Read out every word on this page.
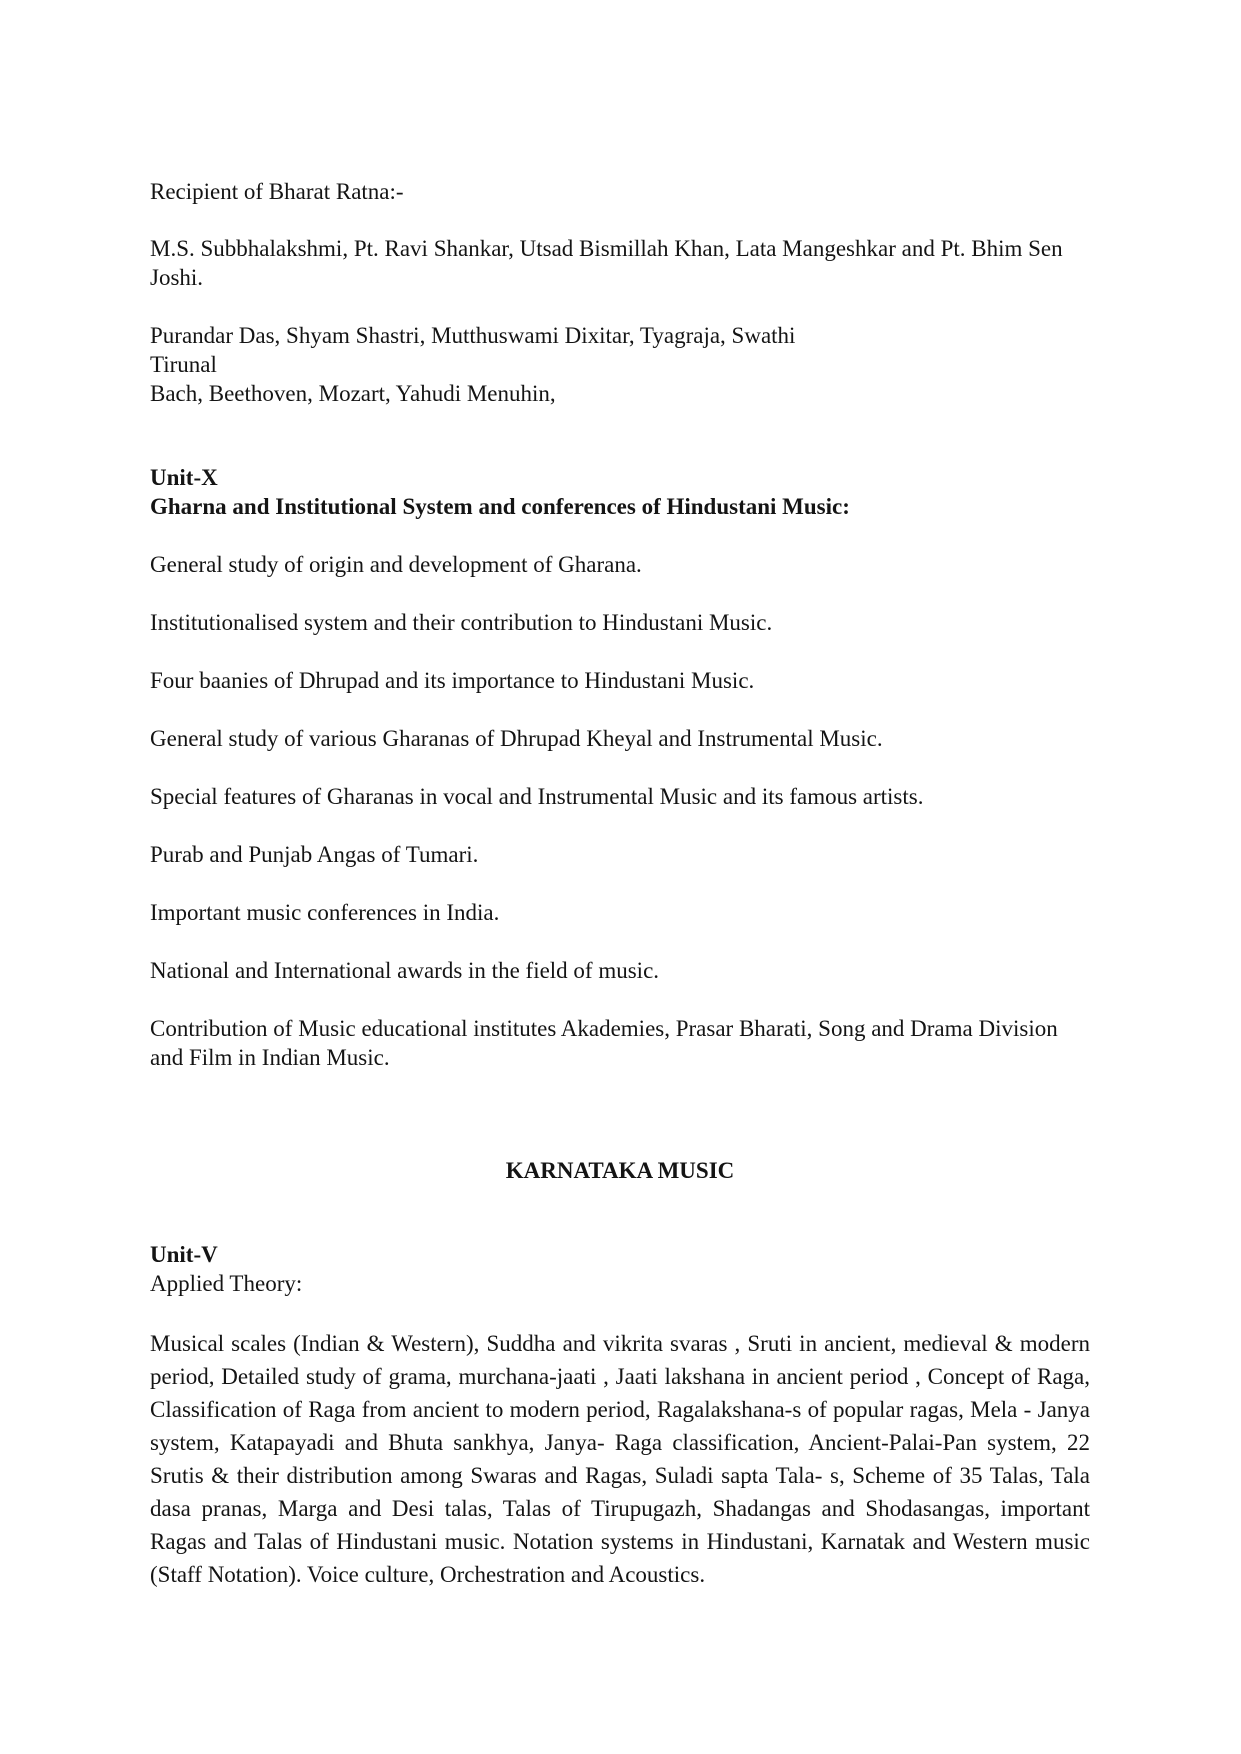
Recipient of Bharat Ratna:-

M.S. Subbhalakshmi, Pt. Ravi Shankar, Utsad Bismillah Khan, Lata Mangeshkar and Pt. Bhim Sen Joshi.

Purandar Das, Shyam Shastri, Mutthuswami Dixitar, Tyagraja, Swathi
Tirunal
Bach, Beethoven, Mozart, Yahudi Menuhin,

Unit-X

Gharna and Institutional System and conferences of Hindustani Music:

General study of origin and development of Gharana.

Institutionalised system and their contribution to Hindustani Music.

Four baanies of Dhrupad and its importance to Hindustani Music.

General study of various Gharanas of Dhrupad Kheyal and Instrumental Music.

Special features of Gharanas in vocal and Instrumental Music and its famous artists.

Purab and Punjab Angas of Tumari.

Important music conferences in India.

National and International awards in the field of music.

Contribution of Music educational institutes Akademies, Prasar Bharati, Song and Drama Division and Film in Indian Music.

KARNATAKA MUSIC

Unit-V

Applied Theory:

Musical scales (Indian & Western), Suddha and vikrita svaras , Sruti in ancient, medieval & modern period, Detailed study of grama, murchana-jaati , Jaati lakshana in ancient period , Concept of Raga, Classification of Raga from ancient to modern period, Ragalakshana-s of popular ragas, Mela - Janya system, Katapayadi and Bhuta sankhya, Janya- Raga classification, Ancient-Palai-Pan system, 22 Srutis & their distribution among Swaras and Ragas, Suladi sapta Tala- s, Scheme of 35 Talas, Tala dasa pranas, Marga and Desi talas, Talas of Tirupugazh, Shadangas and Shodasangas, important Ragas and Talas of Hindustani music. Notation systems in Hindustani, Karnatak and Western music (Staff Notation). Voice culture, Orchestration and Acoustics.
